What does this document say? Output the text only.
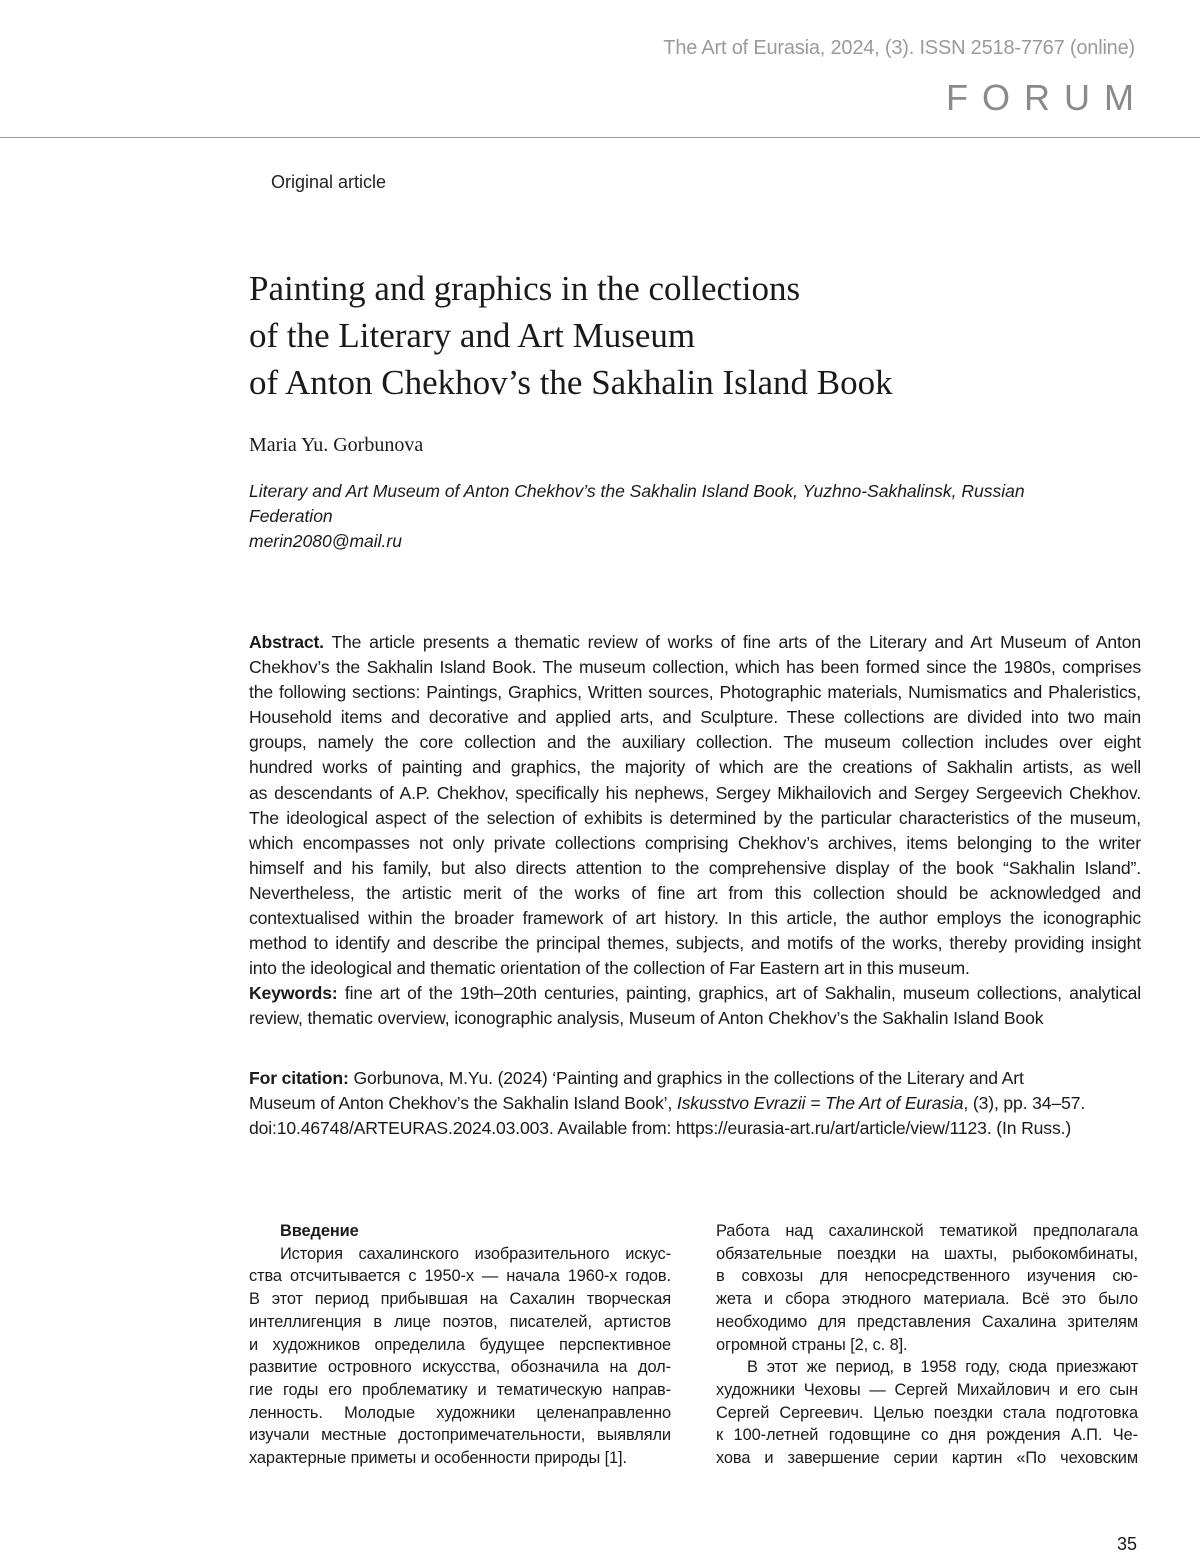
The Art of Eurasia, 2024, (3). ISSN 2518-7767 (online)
FORUM
Original article
Painting and graphics in the collections
of the Literary and Art Museum
of Anton Chekhov’s the Sakhalin Island Book
Maria Yu. Gorbunova
Literary and Art Museum of Anton Chekhov’s the Sakhalin Island Book, Yuzhno-Sakhalinsk, Russian
Federation
merin2080@mail.ru
Abstract. The article presents a thematic review of works of fine arts of the Literary and Art Museum of Anton
Chekhov’s the Sakhalin Island Book. The museum collection, which has been formed since the 1980s, comprises
the following sections: Paintings, Graphics, Written sources, Photographic materials, Numismatics and Phaleristics,
Household items and decorative and applied arts, and Sculpture. These collections are divided into two main
groups, namely the core collection and the auxiliary collection. The museum collection includes over eight
hundred works of painting and graphics, the majority of which are the creations of Sakhalin artists, as well
as descendants of A.P. Chekhov, specifically his nephews, Sergey Mikhailovich and Sergey Sergeevich Chekhov.
The ideological aspect of the selection of exhibits is determined by the particular characteristics of the museum,
which encompasses not only private collections comprising Chekhov’s archives, items belonging to the writer
himself and his family, but also directs attention to the comprehensive display of the book “Sakhalin Island”.
Nevertheless, the artistic merit of the works of fine art from this collection should be acknowledged and
contextualised within the broader framework of art history. In this article, the author employs the iconographic
method to identify and describe the principal themes, subjects, and motifs of the works, thereby providing insight
into the ideological and thematic orientation of the collection of Far Eastern art in this museum.
Keywords: fine art of the 19th–20th centuries, painting, graphics, art of Sakhalin, museum collections, analytical
review, thematic overview, iconographic analysis, Museum of Anton Chekhov’s the Sakhalin Island Book
For citation: Gorbunova, M.Yu. (2024) ‘Painting and graphics in the collections of the Literary and Art
Museum of Anton Chekhov’s the Sakhalin Island Book’, Iskusstvo Evrazii = The Art of Eurasia, (3), pp. 34–57.
doi:10.46748/ARTEURAS.2024.03.003. Available from: https://eurasia-art.ru/art/article/view/1123. (In Russ.)
Введение
История сахалинского изобразительного искус-
ства отсчитывается с 1950-х — начала 1960-х годов.
В этот период прибывшая на Сахалин творческая
интеллигенция в лице поэтов, писателей, артистов
и художников определила будущее перспективное
развитие островного искусства, обозначила на дол-
гие годы его проблематику и тематическую направ-
ленность. Молодые художники целенаправленно
изучали местные достопримечательности, выявляли
характерные приметы и особенности природы [1].
Работа над сахалинской тематикой предполагала
обязательные поездки на шахты, рыбокомбинаты,
в совхозы для непосредственного изучения сю-
жета и сбора этюдного материала. Всё это было
необходимо для представления Сахалина зрителям
огромной страны [2, с. 8].
В этот же период, в 1958 году, сюда приезжают
художники Чеховы — Сергей Михайлович и его сын
Сергей Сергеевич. Целью поездки стала подготовка
к 100-летней годовщине со дня рождения А.П. Че-
хова и завершение серии картин «По чеховским
35
